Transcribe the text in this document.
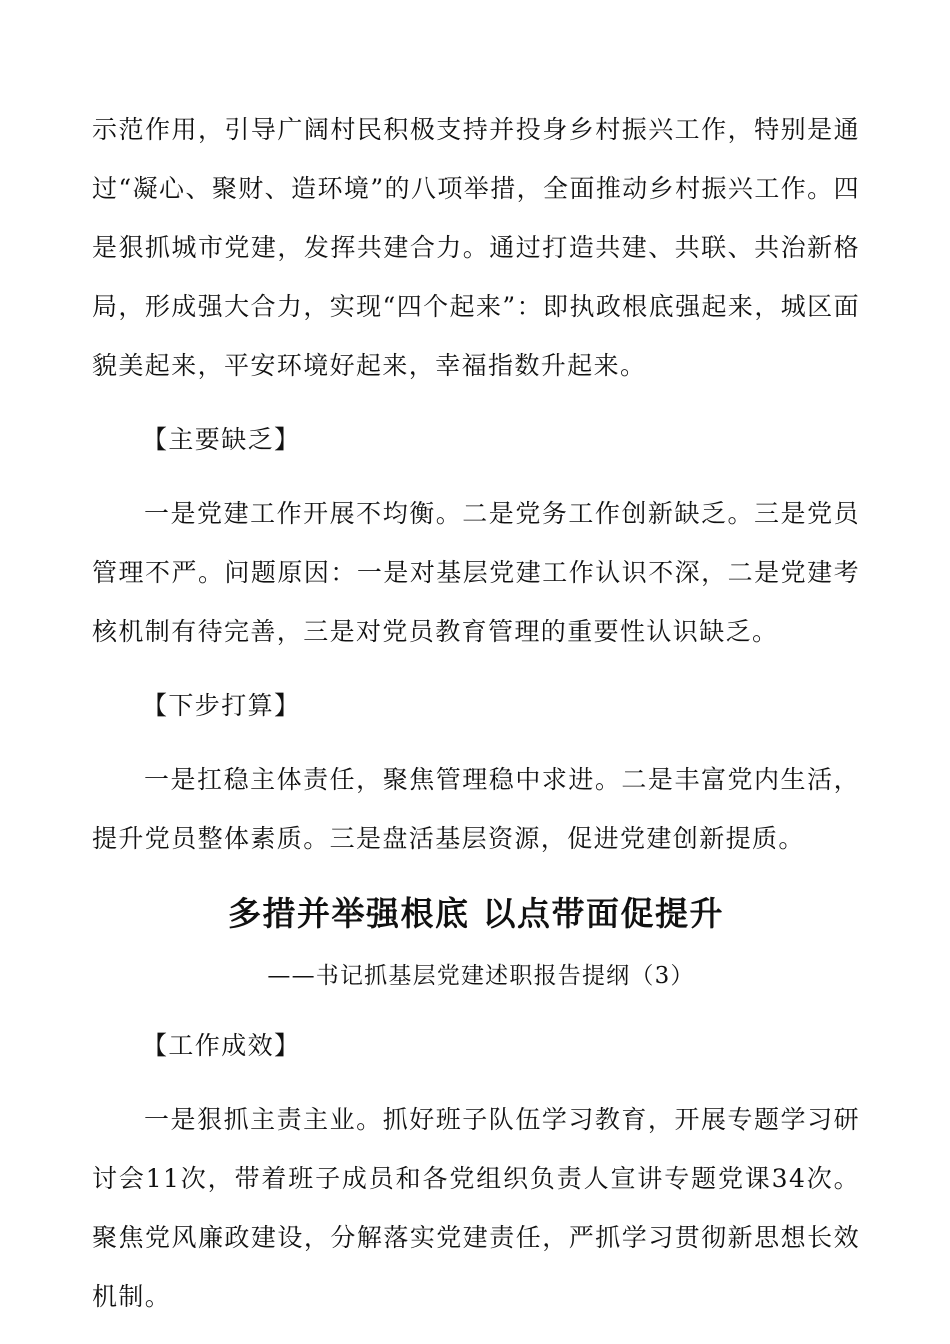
示范作用，引导广阔村民积极支持并投身乡村振兴工作，特别是通过“凝心、聚财、造环境”的八项举措，全面推动乡村振兴工作。四是狠抓城市党建，发挥共建合力。通过打造共建、共联、共治新格局，形成强大合力，实现“四个起来”：即执政根底强起来，城区面貌美起来，平安环境好起来，幸福指数升起来。

【主要缺乏】

一是党建工作开展不均衡。二是党务工作创新缺乏。三是党员管理不严。问题原因：一是对基层党建工作认识不深，二是党建考核机制有待完善，三是对党员教育管理的重要性认识缺乏。

【下步打算】

一是扛稳主体责任，聚焦管理稳中求进。二是丰富党内生活，提升党员整体素质。三是盘活基层资源，促进党建创新提质。

多措并举强根底 以点带面促提升
——书记抓基层党建述职报告提纲（3）
【工作成效】

一是狠抓主责主业。抓好班子队伍学习教育，开展专题学习研讨会11次，带着班子成员和各党组织负责人宣讲专题党课34次。聚焦党风廉政建设，分解落实党建责任，严抓学习贯彻新思想长效机制。
